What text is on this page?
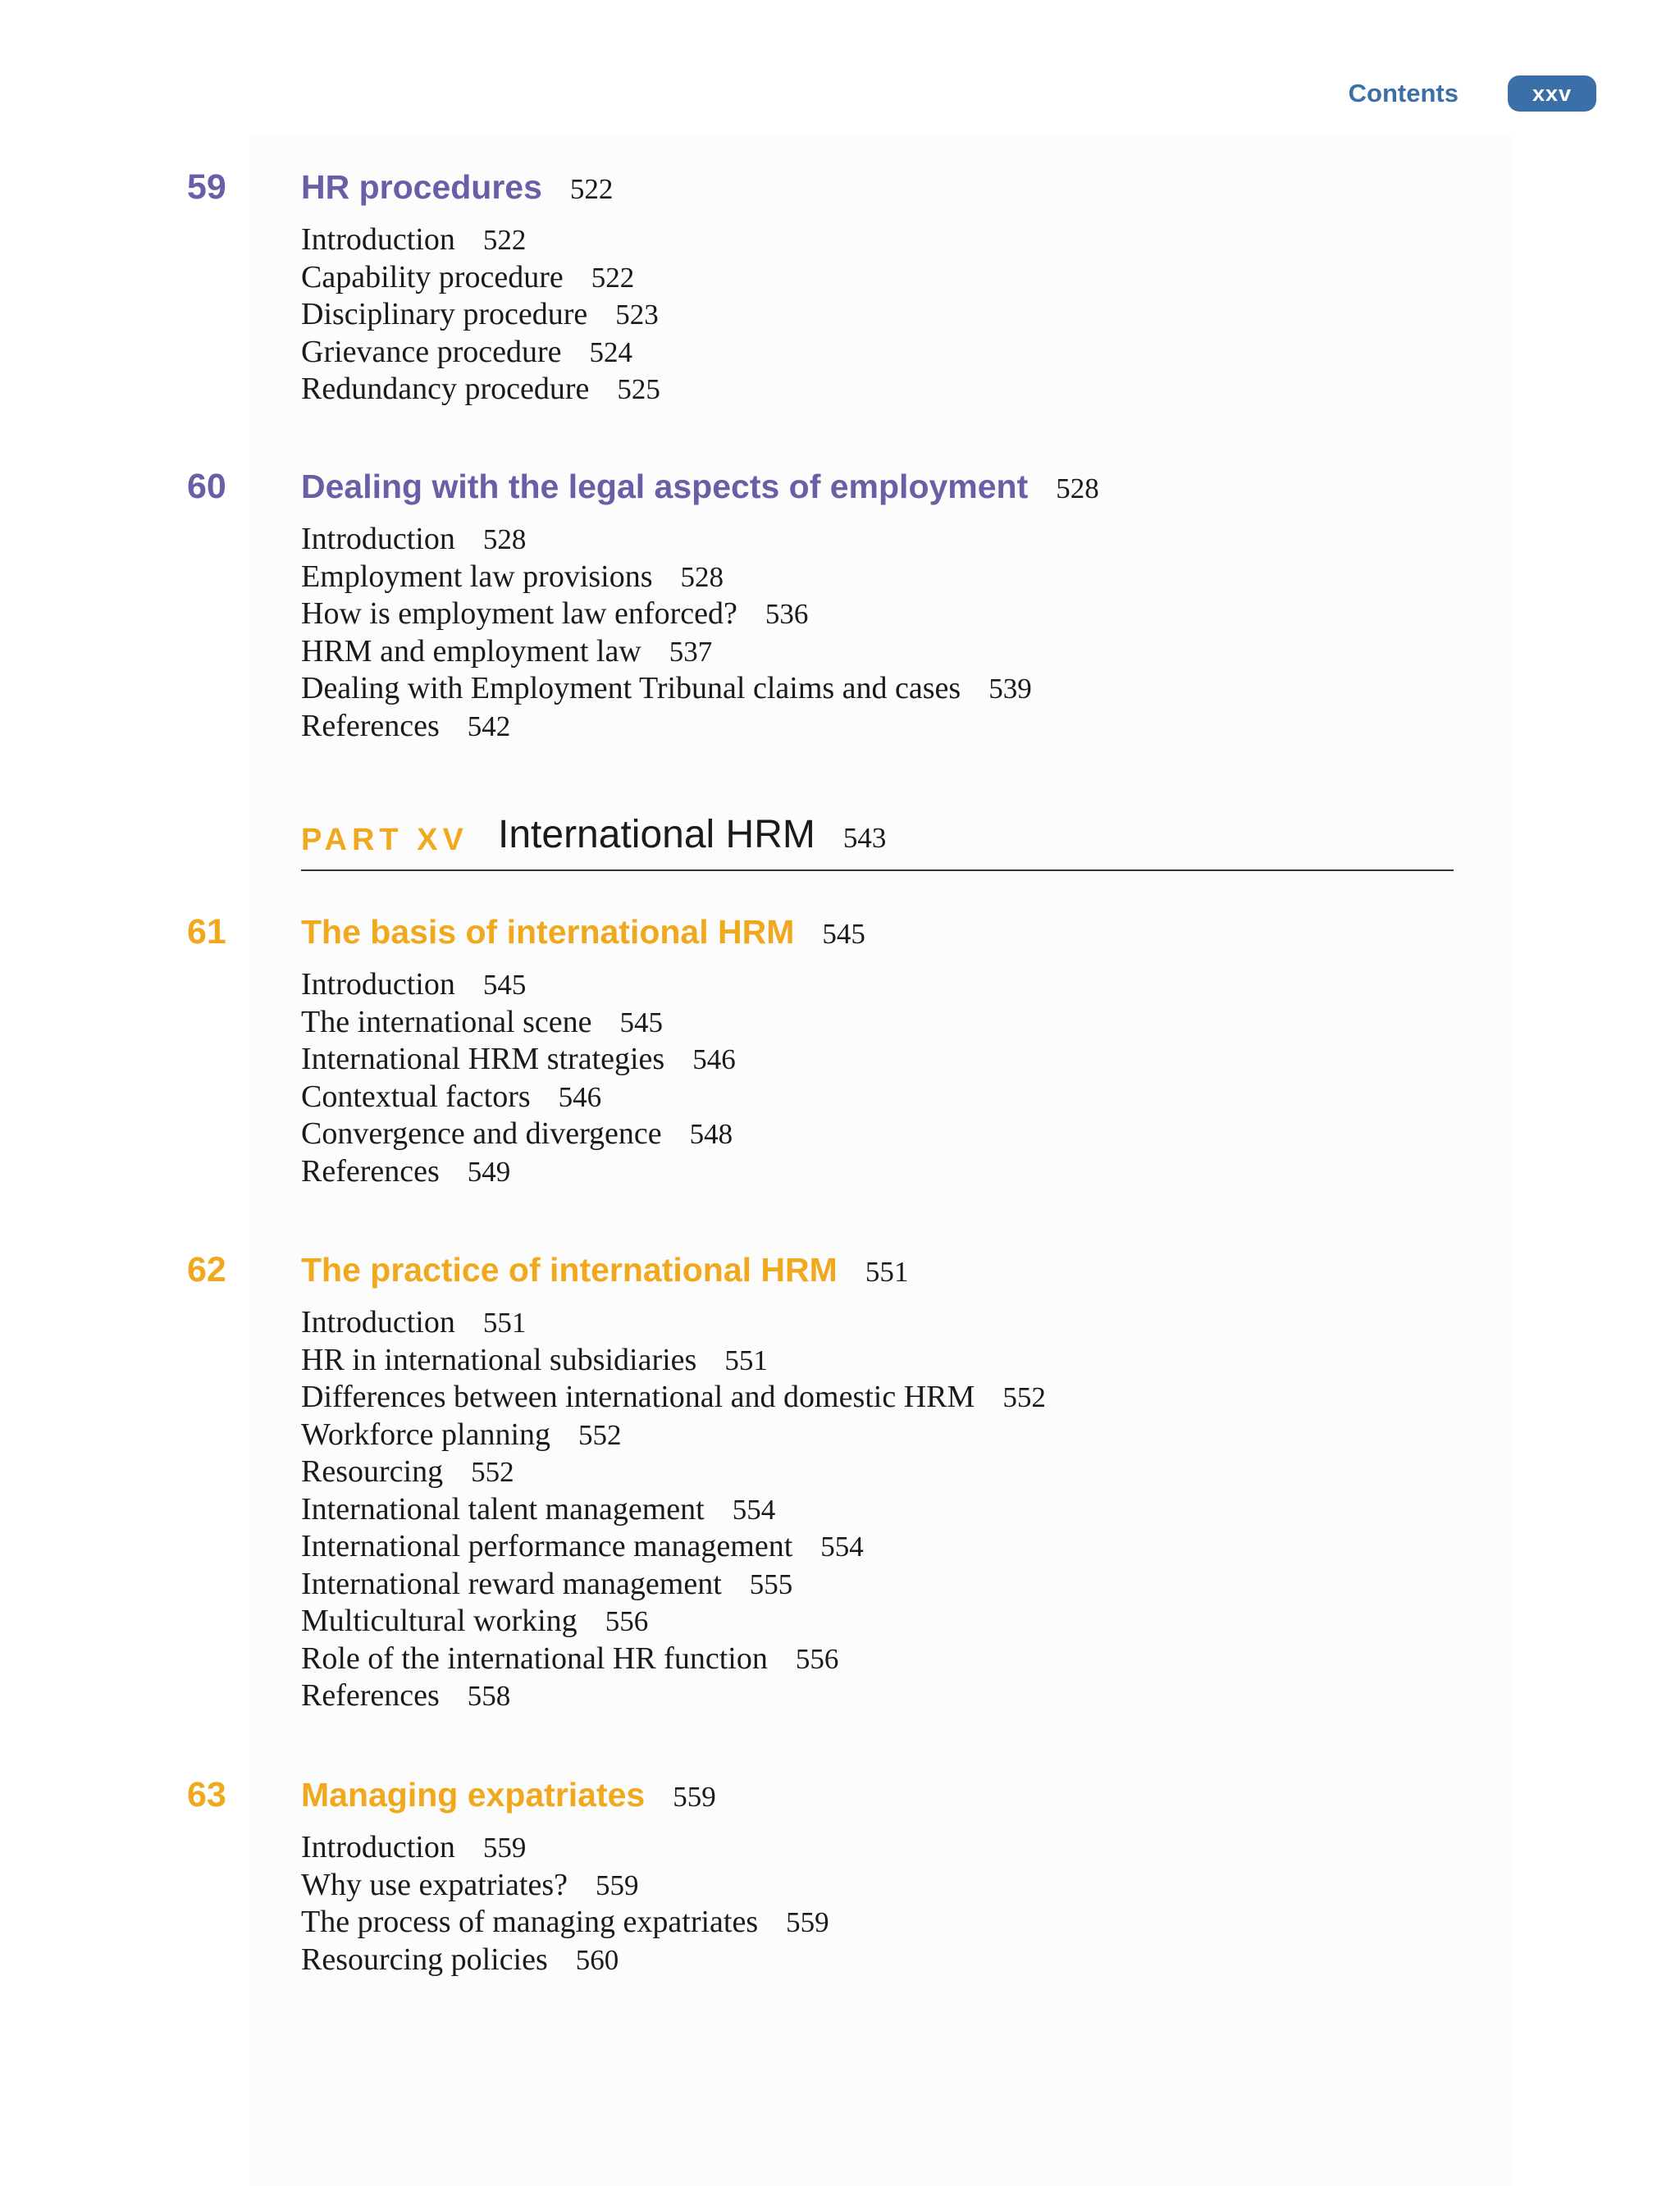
Contents	xxv
59 HR procedures 522
Introduction 522
Capability procedure 522
Disciplinary procedure 523
Grievance procedure 524
Redundancy procedure 525
60 Dealing with the legal aspects of employment 528
Introduction 528
Employment law provisions 528
How is employment law enforced? 536
HRM and employment law 537
Dealing with Employment Tribunal claims and cases 539
References 542
PART XV International HRM 543
61 The basis of international HRM 545
Introduction 545
The international scene 545
International HRM strategies 546
Contextual factors 546
Convergence and divergence 548
References 549
62 The practice of international HRM 551
Introduction 551
HR in international subsidiaries 551
Differences between international and domestic HRM 552
Workforce planning 552
Resourcing 552
International talent management 554
International performance management 554
International reward management 555
Multicultural working 556
Role of the international HR function 556
References 558
63 Managing expatriates 559
Introduction 559
Why use expatriates? 559
The process of managing expatriates 559
Resourcing policies 560
